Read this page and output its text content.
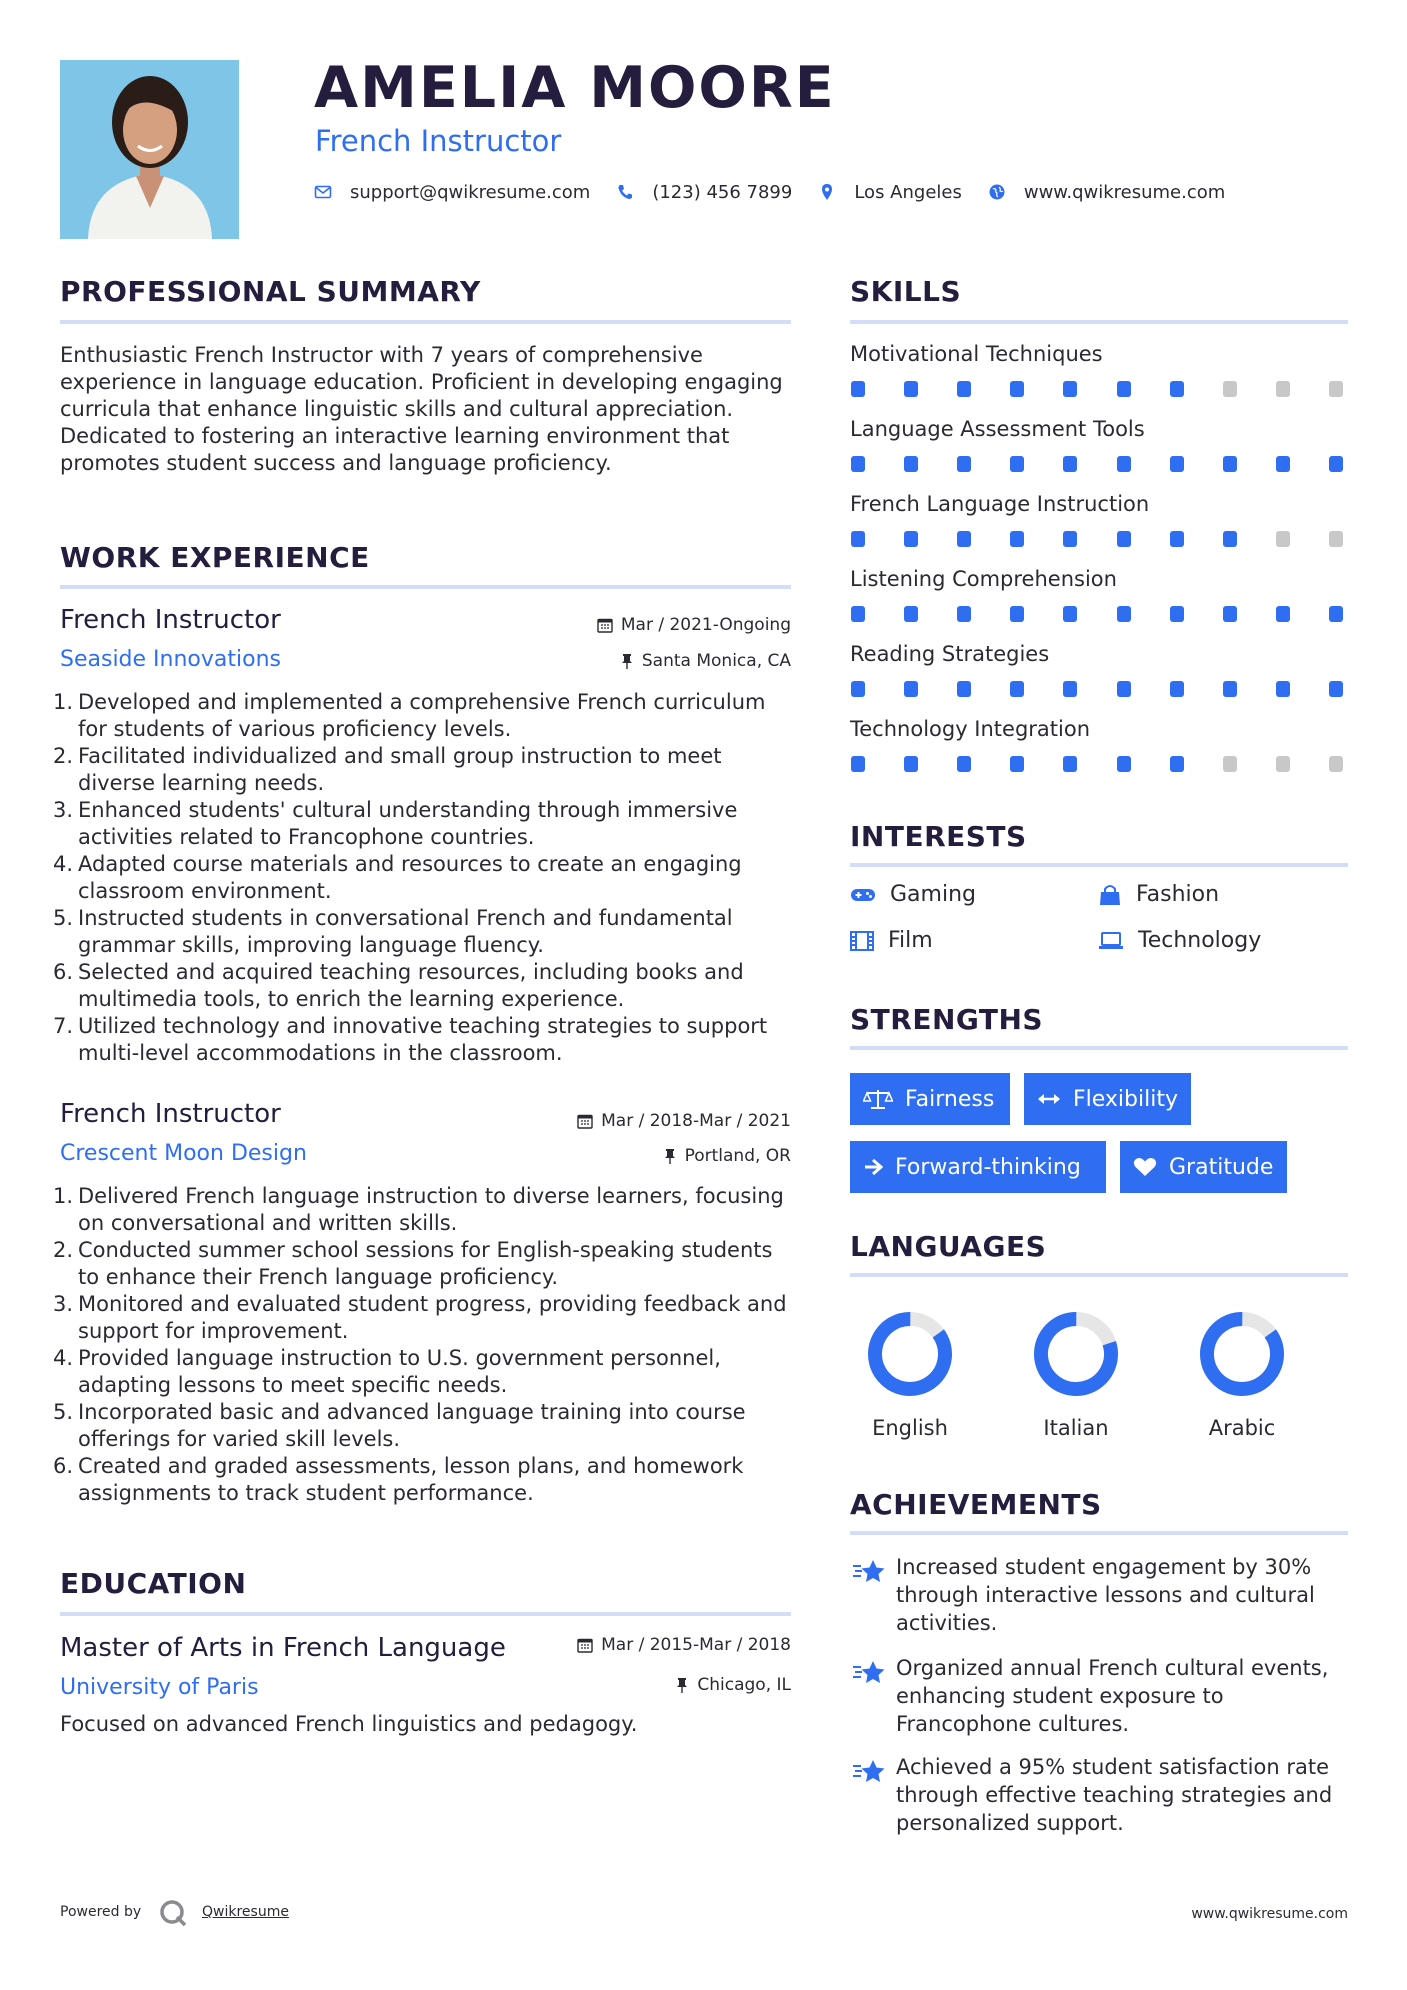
AMELIA MOORE
French Instructor
support@qwikresume.com	(123) 456 7899	Los Angeles	www.qwikresume.com
PROFESSIONAL SUMMARY
Enthusiastic French Instructor with 7 years of comprehensive experience in language education. Proficient in developing engaging curricula that enhance linguistic skills and cultural appreciation. Dedicated to fostering an interactive learning environment that promotes student success and language proficiency.
WORK EXPERIENCE
French Instructor	Mar / 2021-Ongoing
Seaside Innovations	Santa Monica, CA
1. Developed and implemented a comprehensive French curriculum for students of various proficiency levels.
2. Facilitated individualized and small group instruction to meet diverse learning needs.
3. Enhanced students' cultural understanding through immersive activities related to Francophone countries.
4. Adapted course materials and resources to create an engaging classroom environment.
5. Instructed students in conversational French and fundamental grammar skills, improving language fluency.
6. Selected and acquired teaching resources, including books and multimedia tools, to enrich the learning experience.
7. Utilized technology and innovative teaching strategies to support multi-level accommodations in the classroom.
French Instructor	Mar / 2018-Mar / 2021
Crescent Moon Design	Portland, OR
1. Delivered French language instruction to diverse learners, focusing on conversational and written skills.
2. Conducted summer school sessions for English-speaking students to enhance their French language proficiency.
3. Monitored and evaluated student progress, providing feedback and support for improvement.
4. Provided language instruction to U.S. government personnel, adapting lessons to meet specific needs.
5. Incorporated basic and advanced language training into course offerings for varied skill levels.
6. Created and graded assessments, lesson plans, and homework assignments to track student performance.
EDUCATION
Master of Arts in French Language	Mar / 2015-Mar / 2018
University of Paris	Chicago, IL
Focused on advanced French linguistics and pedagogy.
SKILLS
Motivational Techniques
Language Assessment Tools
French Language Instruction
Listening Comprehension
Reading Strategies
Technology Integration
INTERESTS
Gaming	Fashion
Film	Technology
STRENGTHS
Fairness	Flexibility
Forward-thinking	Gratitude
LANGUAGES
English	Italian	Arabic
ACHIEVEMENTS
Increased student engagement by 30% through interactive lessons and cultural activities.
Organized annual French cultural events, enhancing student exposure to Francophone cultures.
Achieved a 95% student satisfaction rate through effective teaching strategies and personalized support.
Powered by	Qwikresume	www.qwikresume.com
